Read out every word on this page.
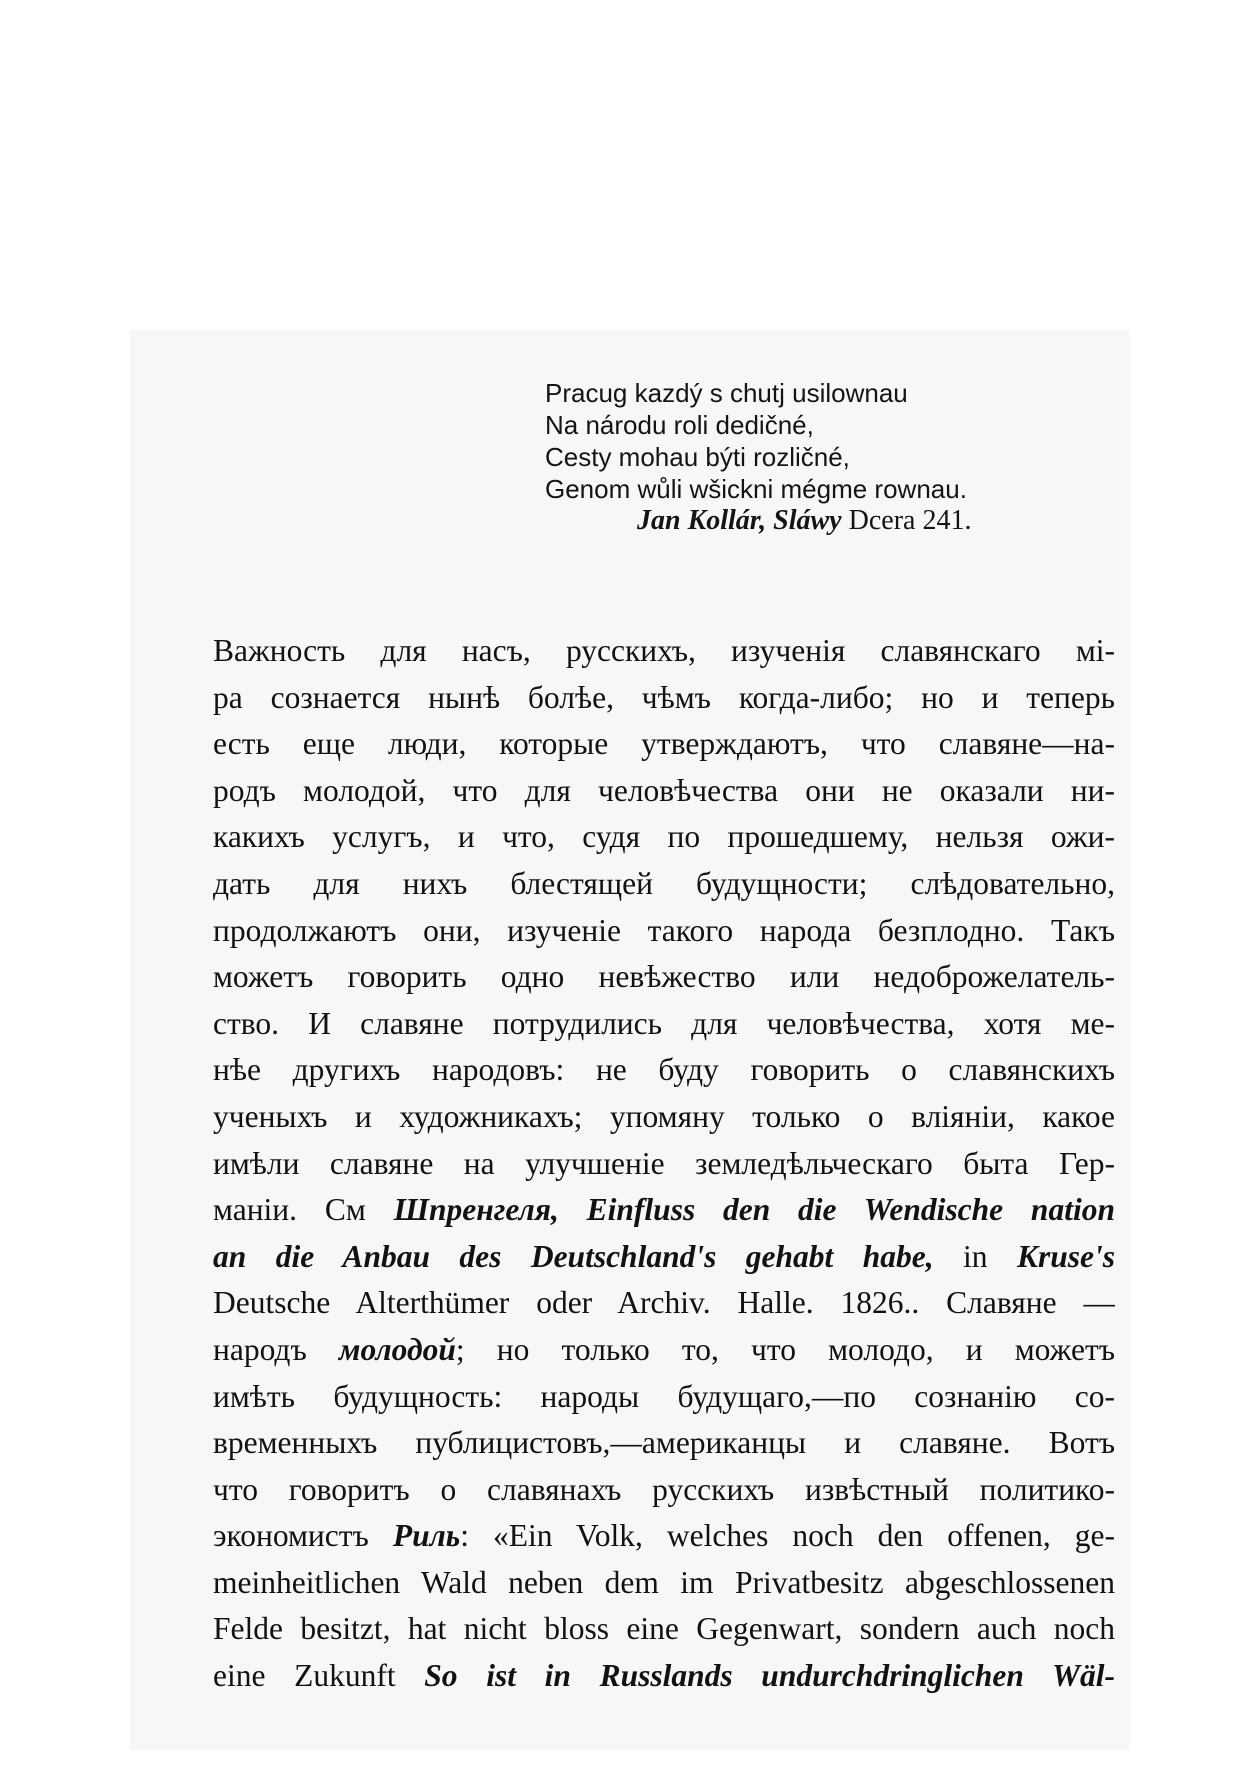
Pracug kazdý s chutj usilownau
Na národu roli dedičné,
Cesty mohau býti rozličné,
Genom wůli wšickni mégme rownau.
Jan Kollár, Sláwy Dcera 241.
Важность для насъ, русскихъ, изученія славянскаго мі-
ра сознается нынѣ болѣе, чѣмъ когда-либо; но и теперь
есть еще люди, которые утверждаютъ, что славяне—на-
родъ молодой, что для человѣчества они не оказали ни-
какихъ услугъ, и что, судя по прошедшему, нельзя ожи-
дать для нихъ блестящей будущности; слѣдовательно,
продолжаютъ они, изученіе такого народа безплодно. Такъ
можетъ говорить одно невѣжество или недоброжелатель-
ство. И славяне потрудились для человѣчества, хотя ме-
нѣе другихъ народовъ: не буду говорить о славянскихъ
ученыхъ и художникахъ; упомяну только о вліяніи, какое
имѣли славяне на улучшеніе земледѣльческаго быта Гер-
маніи. См Шпренгеля, Einfluss den die Wendische nation
an die Anbau des Deutschland's gehabt habe, in Kruse's
Deutsche Alterthümer oder Archiv. Halle. 1826.. Славяне —
народъ молодой; но только то, что молодо, и можетъ
имѣть будущность: народы будущаго,—по сознанію со-
временныхъ публицистовъ,—американцы и славяне. Вотъ
что говоритъ о славянахъ русскихъ извѣстный политико-
экономистъ Риль: «Ein Volk, welches noch den offenen, ge-
meinheitlichen Wald neben dem im Privatbesitz abgeschlossenen
Felde besitzt, hat nicht bloss eine Gegenwart, sondern auch noch
eine Zukunft So ist in Russlands undurchdringlichen Wäl-
